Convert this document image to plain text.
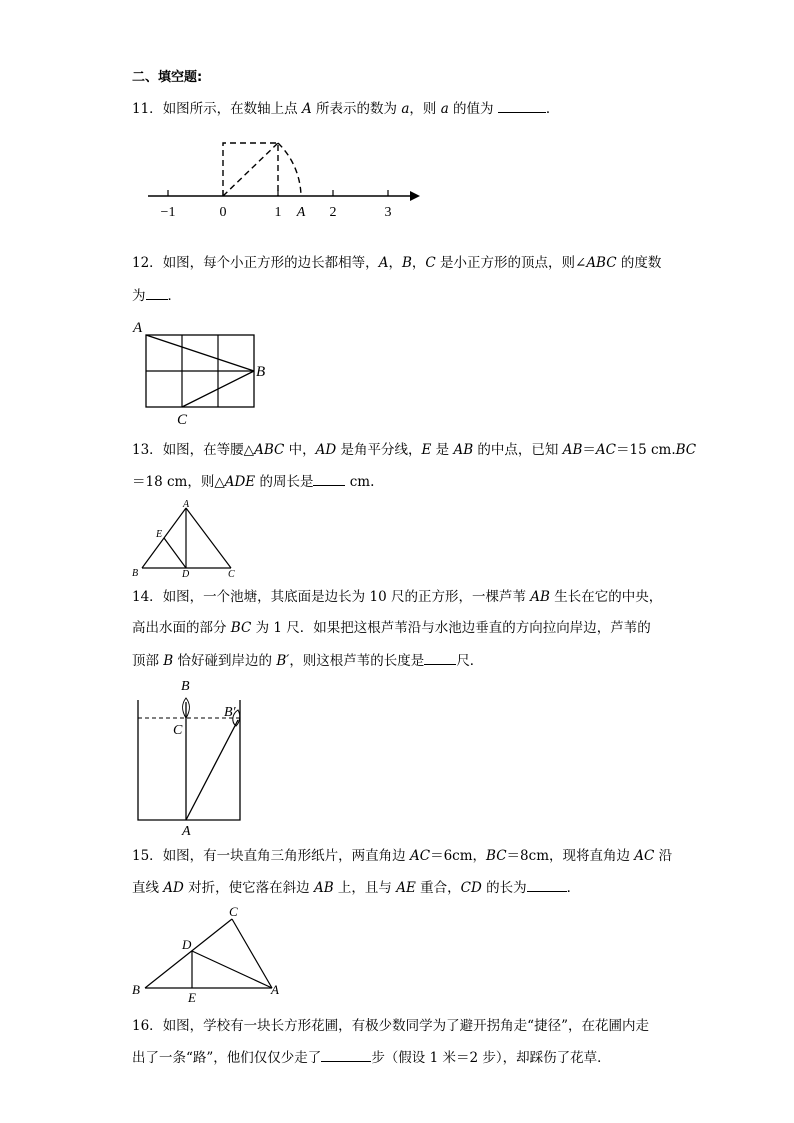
二、填空题:
11．如图所示，在数轴上点 A 所表示的数为 a，则 a 的值为	．
−1	0	1 A 2	3
12．如图，每个小正方形的边长都相等，A，B，C 是小正方形的顶点，则∠ABC 的度数
为 ．
A
B
C
13．如图，在等腰△ABC 中，AD 是角平分线，E 是 AB 的中点，已知 AB＝AC＝15 cm.BC
＝18 cm，则△ADE 的周长是 cm.
A
E
B	D	C
14．如图，一个池塘，其底面是边长为 10 尺的正方形，一棵芦苇 AB 生长在它的中央，
高出水面的部分 BC 为 1 尺．如果把这根芦苇沿与水池边垂直的方向拉向岸边，芦苇的
顶部 B 恰好碰到岸边的 B′，则这根芦苇的长度是 尺．
B
B′
C
A
15．如图，有一块直角三角形纸片，两直角边 AC＝6cm，BC＝8cm，现将直角边 AC 沿
直线 AD 对折，使它落在斜边 AB 上，且与 AE 重合，CD 的长为	．
C
D
B	A
E
16．如图，学校有一块长方形花圃，有极少数同学为了避开拐角走“捷径”，在花圃内走
出了一条“路”，他们仅仅少走了	步（假设 1 米＝2 步），却踩伤了花草．
